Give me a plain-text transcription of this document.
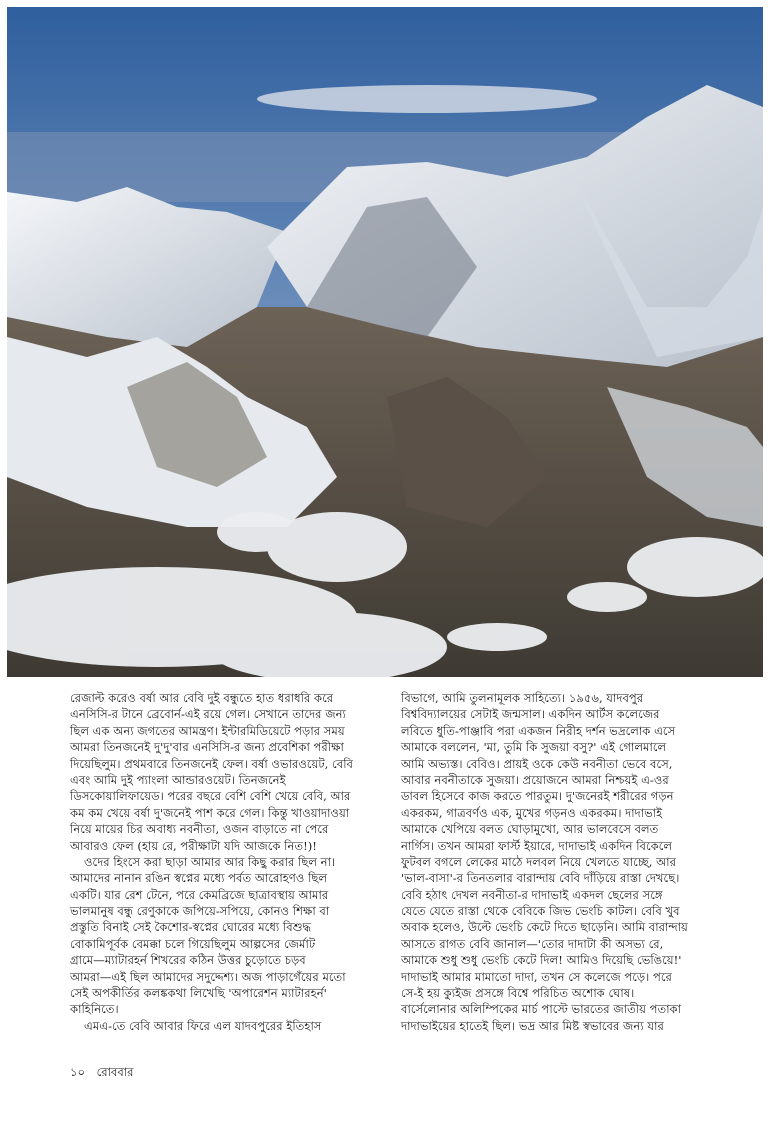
রেজাল্ট করেও বর্ষা আর বেবি দুই বন্ধুতে হাত ধরাধরি করে
এনসিসি-র টানে ব্রেবোর্ন-এই রয়ে গেল। সেখানে তাদের জন্য
ছিল এক অন্য জগতের আমন্ত্রণ। ইন্টারমিডিয়েটে পড়ার সময়
আমরা তিনজনেই দু'দু'বার এনসিসি-র জন্য প্রবেশিকা পরীক্ষা
দিয়েছিলুম। প্রথমবারে তিনজনেই ফেল। বর্ষা ওভারওয়েট, বেবি
এবং আমি দুই প্যাংলা আন্ডারওয়েট। তিনজনেই
ডিসকোয়ালিফায়েড। পরের বছরে বেশি বেশি খেয়ে বেবি, আর
কম কম খেয়ে বর্ষা দু'জনেই পাশ করে গেল। কিন্তু খাওয়াদাওয়া
নিয়ে মায়ের চির অবাধ্য নবনীতা, ওজন বাড়াতে না পেরে
আবারও ফেল (হায় রে, পরীক্ষাটা যদি আজকে নিত!)!
ওদের হিংসে করা ছাড়া আমার আর কিছু করার ছিল না।
আমাদের নানান রঙিন স্বপ্নের মধ্যে পর্বত আরোহণও ছিল
একটি। যার রেশ টেনে, পরে কেমব্রিজে ছাত্রাবস্থায় আমার
ভালমানুষ বন্ধু রেণুকাকে জপিয়ে-সপিয়ে, কোনও শিক্ষা বা
প্রস্তুতি বিনাই সেই কৈশোর-স্বপ্নের ঘোরের মধ্যে বিশুদ্ধ
বোকামিপূর্বক বেমক্কা চলে গিয়েছিলুম আল্পসের জের্মাট
গ্রামে—ম্যাটারহর্ন শিখরের কঠিন উত্তর চুড়োতে চড়ব
আমরা—এই ছিল আমাদের সদুদ্দেশ্য। অজ পাড়াগেঁয়ের মতো
সেই অপকীর্তির কলঙ্ককথা লিখেছি 'অপারেশন ম্যাটারহর্ন'
কাহিনিতে।
এমএ-তে বেবি আবার ফিরে এল যাদবপুরের ইতিহাস
বিভাগে, আমি তুলনামূলক সাহিত্যে। ১৯৫৬, যাদবপুর
বিশ্ববিদ্যালয়ের সেটাই জন্মসাল। একদিন আর্টস কলেজের
লবিতে ধুতি-পাঞ্জাবি পরা একজন নিরীহ দর্শন ভদ্রলোক এসে
আমাকে বললেন, 'মা, তুমি কি সুজয়া বসু?' এই গোলমালে
আমি অভ্যস্ত। বেবিও। প্রায়ই ওকে কেউ নবনীতা ভেবে বসে,
আবার নবনীতাকে সুজয়া। প্রয়োজনে আমরা নিশ্চয়ই এ-ওর
ডাবল হিসেবে কাজ করতে পারতুম। দু'জনেরই শরীরের গড়ন
একরকম, গাত্রবর্ণও এক, মুখের গড়নও একরকম। দাদাভাই
আমাকে খেপিয়ে বলত ঘোড়ামুখো, আর ভালবেসে বলত
নার্গিস। তখন আমরা ফার্স্ট ইয়ারে, দাদাভাই একদিন বিকেলে
ফুটবল বগলে লেকের মাঠে দলবল নিয়ে খেলতে যাচ্ছে, আর
'ভাল-বাসা'-র তিনতলার বারান্দায় বেবি দাঁড়িয়ে রাস্তা দেখছে।
বেবি হঠাৎ দেখল নবনীতা-র দাদাভাই একদল ছেলের সঙ্গে
যেতে যেতে রাস্তা থেকে বেবিকে জিভ ভেংচি কাটল। বেবি খুব
অবাক হলেও, উল্টে ভেংচি কেটে দিতে ছাড়েনি। আমি বারান্দায়
আসতে রাগত বেবি জানাল—'তোর দাদাটা কী অসভ্য রে,
আমাকে শুধু শুধু ভেংচি কেটে দিল! আমিও দিয়েছি ভেঙিয়ে!'
দাদাভাই আমার মামাতো দাদা, তখন সে কলেজে পড়ে। পরে
সে-ই হয় ক্যুইজ প্রসঙ্গে বিশ্বে পরিচিত অশোক ঘোষ।
বার্সেলোনার অলিম্পিকের মার্চ পাস্টে ভারতের জাতীয় পতাকা
দাদাভাইয়ের হাতেই ছিল। ভদ্র আর মিষ্ট স্বভাবের জন্য যার
১০ রোববার
